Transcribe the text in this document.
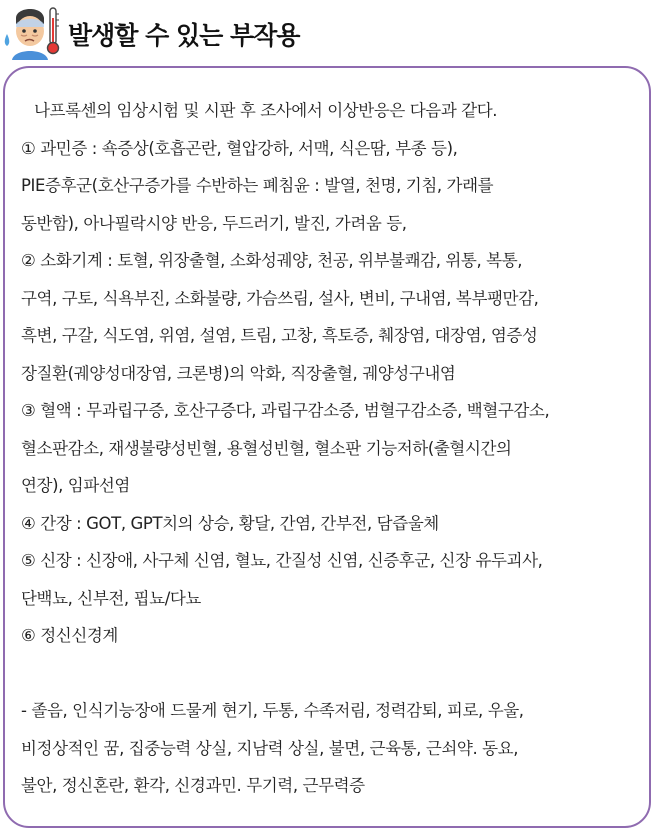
발생할 수 있는 부작용
나프록센의 임상시험 및 시판 후 조사에서 이상반응은 다음과 같다.
① 과민증 : 쇽증상(호흡곤란, 혈압강하, 서맥, 식은땀, 부종 등),
PIE증후군(호산구증가를 수반하는 폐침윤 : 발열, 천명, 기침, 가래를
동반함), 아나필락시양 반응, 두드러기, 발진, 가려움 등,
② 소화기계 : 토혈, 위장출혈, 소화성궤양, 천공, 위부불쾌감, 위통, 복통,
구역, 구토, 식욕부진, 소화불량, 가슴쓰림, 설사, 변비, 구내염, 복부팽만감,
흑변, 구갈, 식도염, 위염, 설염, 트림, 고창, 흑토증, 췌장염, 대장염, 염증성
장질환(궤양성대장염, 크론병)의 악화, 직장출혈, 궤양성구내염
③ 혈액 : 무과립구증, 호산구증다, 과립구감소증, 범혈구감소증, 백혈구감소,
혈소판감소, 재생불량성빈혈, 용혈성빈혈, 혈소판 기능저하(출혈시간의
연장), 임파선염
④ 간장 : GOT, GPT치의 상승, 황달, 간염, 간부전, 담즙울체
⑤ 신장 : 신장애, 사구체 신염, 혈뇨, 간질성 신염, 신증후군, 신장 유두괴사,
단백뇨, 신부전, 핍뇨/다뇨
⑥ 정신신경계
- 졸음, 인식기능장애 드물게 현기, 두통, 수족저림, 정력감퇴, 피로, 우울,
비정상적인 꿈, 집중능력 상실, 지남력 상실, 불면, 근육통, 근쇠약. 동요,
불안, 정신혼란, 환각, 신경과민. 무기력, 근무력증
